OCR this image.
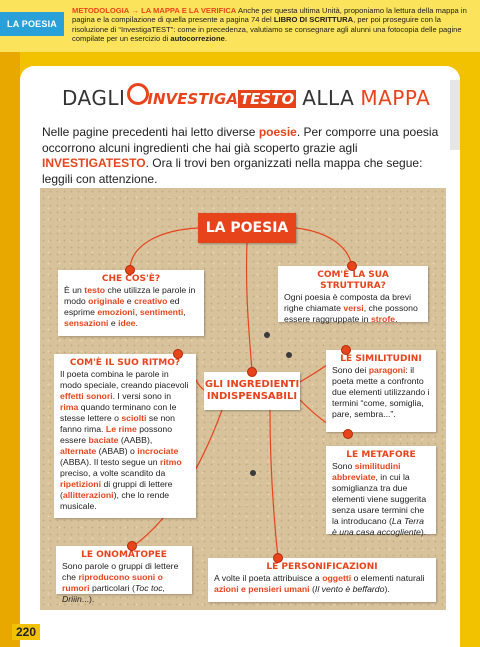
LA POESIA
METODOLOGIA → LA MAPPA E LA VERIFICA Anche per questa ultima Unità, proponiamo la lettura della mappa in pagina e la compilazione di quella presente a pagina 74 del LIBRO DI SCRITTURA, per poi proseguire con la risoluzione di “InvestigaTEST”: come in precedenza, valutiamo se consegnare agli alunni una fotocopia delle pagine compilate per un esercizio di autocorrezione.
DAGLI INVESTIGA TESTO ALLA MAPPA
Nelle pagine precedenti hai letto diverse poesie. Per comporre una poesia occorrono alcuni ingredienti che hai già scoperto grazie agli INVESTIGATESTO. Ora li trovi ben organizzati nella mappa che segue: leggili con attenzione.
LA POESIA
CHE COS'È?
È un testo che utilizza le parole in modo originale e creativo ed esprime emozioni, sentimenti, sensazioni e idee.
COM'È LA SUA STRUTTURA?
Ogni poesia è composta da brevi righe chiamate versi, che possono essere raggruppate in strofe.
COM'È IL SUO RITMO?
Il poeta combina le parole in modo speciale, creando piacevoli effetti sonori. I versi sono in rima quando terminano con le stesse lettere o sciolti se non fanno rima. Le rime possono essere baciate (AABB), alternate (ABAB) o incrociate (ABBA). Il testo segue un ritmo preciso, a volte scandito da ripetizioni di gruppi di lettere (allitterazioni), che lo rende musicale.
GLI INGREDIENTI INDISPENSABILI
LE SIMILITUDINI
Sono dei paragoni: il poeta mette a confronto due elementi utilizzando i termini “come, somiglia, pare, sembra...”.
LE METAFORE
Sono similitudini abbreviate, in cui la somiglianza tra due elementi viene suggerita senza usare termini che la introducano (La Terra è una casa accogliente).
LE ONOMATOPEE
Sono parole o gruppi di lettere che riproducono suoni o rumori particolari (Toc toc, Driiin...).
LE PERSONIFICAZIONI
A volte il poeta attribuisce a oggetti o elementi naturali azioni e pensieri umani (Il vento è beffardo).
220
